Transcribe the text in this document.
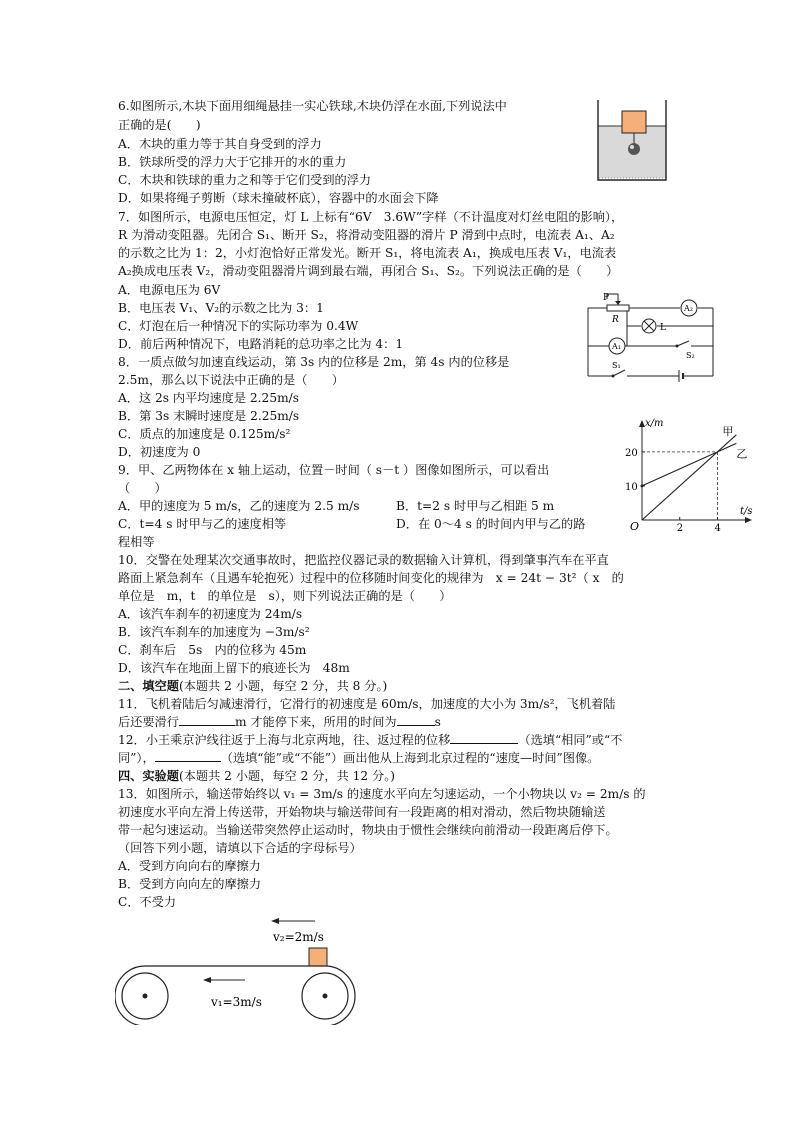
6.如图所示,木块下面用细绳悬挂一实心铁球,木块仍浮在水面,下列说法中
正确的是(　　)
A．木块的重力等于其自身受到的浮力
B．铁球所受的浮力大于它排开的水的重力
C．木块和铁球的重力之和等于它们受到的浮力
D．如果将绳子剪断（球未撞破杯底），容器中的水面会下降
7．如图所示，电源电压恒定，灯 L 上标有“6V　3.6W”字样（不计温度对灯丝电阻的影响），
R 为滑动变阻器。先闭合 S₁、断开 S₂，将滑动变阻器的滑片 P 滑到中点时，电流表 A₁、A₂
的示数之比为 1：2，小灯泡恰好正常发光。断开 S₁，将电流表 A₁，换成电压表 V₁，电流表
A₂换成电压表 V₂，滑动变阻器滑片调到最右端，再闭合 S₁、S₂。下列说法正确的是（　　）
A．电源电压为 6V
B．电压表 V₁、V₂的示数之比为 3：1
C．灯泡在后一种情况下的实际功率为 0.4W
D．前后两种情况下，电路消耗的总功率之比为 4：1
P
R
A₂
L
A₁
S₂
S₁
8．一质点做匀加速直线运动，第 3s 内的位移是 2m，第 4s 内的位移是
2.5m，那么以下说法中正确的是（　　）
A．这 2s 内平均速度是 2.25m/s
B．第 3s 末瞬时速度是 2.25m/s
C．质点的加速度是 0.125m/s²
D．初速度为 0
x/m
t/s
O	2	4
10
20
甲
乙
9．甲、乙两物体在 x 轴上运动，位置－时间（ s－t ）图像如图所示，可以看出
（　　）
A．甲的速度为 5 m/s，乙的速度为 2.5 m/s	B．t=2 s 时甲与乙相距 5 m
C．t=4 s 时甲与乙的速度相等	D．在 0～4 s 的时间内甲与乙的路
程相等
10．交警在处理某次交通事故时，把监控仪器记录的数据输入计算机，得到肇事汽车在平直
路面上紧急刹车（且遇车轮抱死）过程中的位移随时间变化的规律为　x = 24t − 3t²（ x　的
单位是　m，t　的单位是　s），则下列说法正确的是（　　）
A．该汽车刹车的初速度为 24m/s
B．该汽车刹车的加速度为 −3m/s²
C．刹车后　5s　内的位移为 45m
D．该汽车在地面上留下的痕迹长为　48m
二、填空题(本题共 2 小题，每空 2 分，共 8 分。)
11．飞机着陆后匀减速滑行，它滑行的初速度是 60m/s，加速度的大小为 3m/s²，飞机着陆
后还要滑行	m 才能停下来，所用的时间为	s
12．小王乘京沪线往返于上海与北京两地，往、返过程的位移	（选填“相同”或“不
同”），	（选填“能”或“不能”）画出他从上海到北京过程的“速度—时间”图像。
四、实验题(本题共 2 小题，每空 2 分，共 12 分。)
13．如图所示，输送带始终以 v₁ = 3m/s 的速度水平向左匀速运动，一个小物块以 v₂ = 2m/s 的
初速度水平向左滑上传送带，开始物块与输送带间有一段距离的相对滑动，然后物块随输送
带一起匀速运动。当输送带突然停止运动时，物块由于惯性会继续向前滑动一段距离后停下。
（回答下列小题，请填以下合适的字母标号）
A．受到方向向右的摩擦力
B．受到方向向左的摩擦力
C．不受力
v₂=2m/s
v₁=3m/s
